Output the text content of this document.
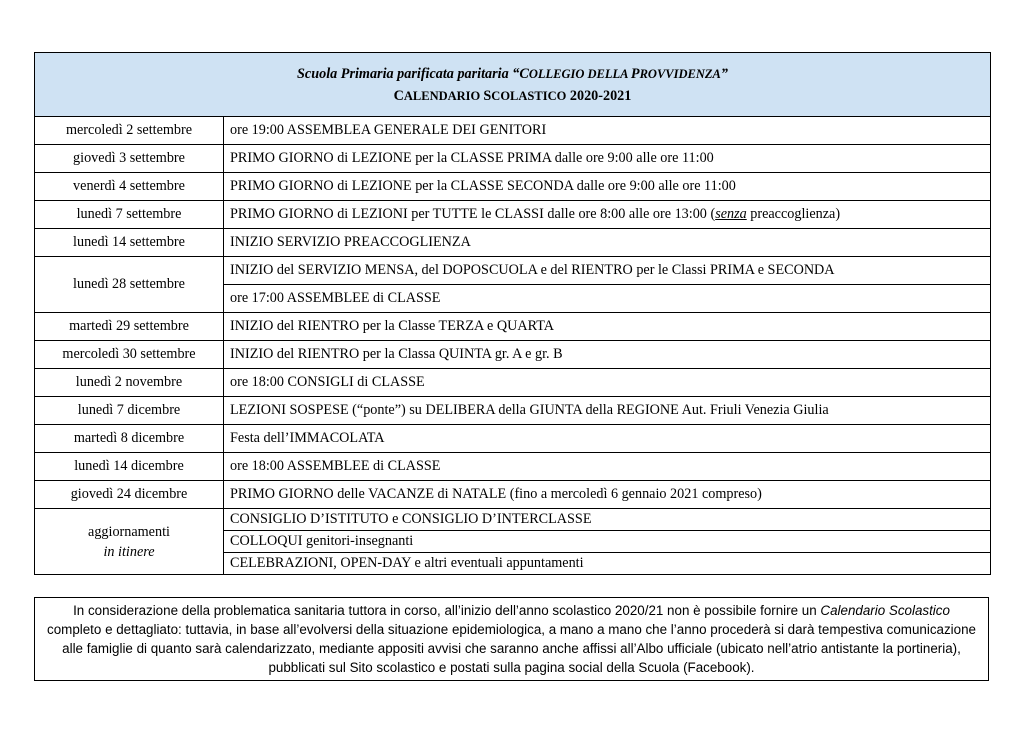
Scuola Primaria parificata paritaria “COLLEGIO DELLA PROVVIDENZA”
CALENDARIO SCOLASTICO 2020-2021	

mercoledì 2 settembre	ore 19:00 ASSEMBLEA GENERALE DEI GENITORI
giovedì 3 settembre	PRIMO GIORNO di LEZIONE per la CLASSE PRIMA dalle ore 9:00 alle ore 11:00
venerdì 4 settembre	PRIMO GIORNO di LEZIONE per la CLASSE SECONDA dalle ore 9:00 alle ore 11:00
lunedì 7 settembre	PRIMO GIORNO di LEZIONI per TUTTE le CLASSI dalle ore 8:00 alle ore 13:00 (senza preaccoglienza)
lunedì 14 settembre	INIZIO SERVIZIO PREACCOGLIENZA
lunedì 28 settembre	INIZIO del SERVIZIO MENSA, del DOPOSCUOLA e del RIENTRO per le Classi PRIMA e SECONDA
	ore 17:00 ASSEMBLEE di CLASSE
martedì 29 settembre	INIZIO del RIENTRO per la Classe TERZA e QUARTA
mercoledì 30 settembre	INIZIO del RIENTRO per la Classa QUINTA gr. A e gr. B
lunedì 2 novembre	ore 18:00 CONSIGLI di CLASSE
lunedì 7 dicembre	LEZIONI SOSPESE (“ponte”) su DELIBERA della GIUNTA della REGIONE Aut. Friuli Venezia Giulia
martedì 8 dicembre	Festa dell’IMMACOLATA
lunedì 14 dicembre	ore 18:00 ASSEMBLEE di CLASSE
giovedì 24 dicembre	PRIMO GIORNO delle VACANZE di NATALE (fino a mercoledì 6 gennaio 2021 compreso)
aggiornamenti
in itinere	CONSIGLIO D’ISTITUTO e CONSIGLIO D’INTERCLASSE
	COLLOQUI genitori-insegnanti
	CELEBRAZIONI, OPEN-DAY e altri eventuali appuntamenti
In considerazione della problematica sanitaria tuttora in corso, all’inizio dell’anno scolastico 2020/21 non è possibile fornire un Calendario Scolastico completo e dettagliato: tuttavia, in base all’evolversi della situazione epidemiologica, a mano a mano che l’anno procederà si darà tempestiva comunicazione alle famiglie di quanto sarà calendarizzato, mediante appositi avvisi che saranno anche affissi all’Albo ufficiale (ubicato nell’atrio antistante la portineria), pubblicati sul Sito scolastico e postati sulla pagina social della Scuola (Facebook).
